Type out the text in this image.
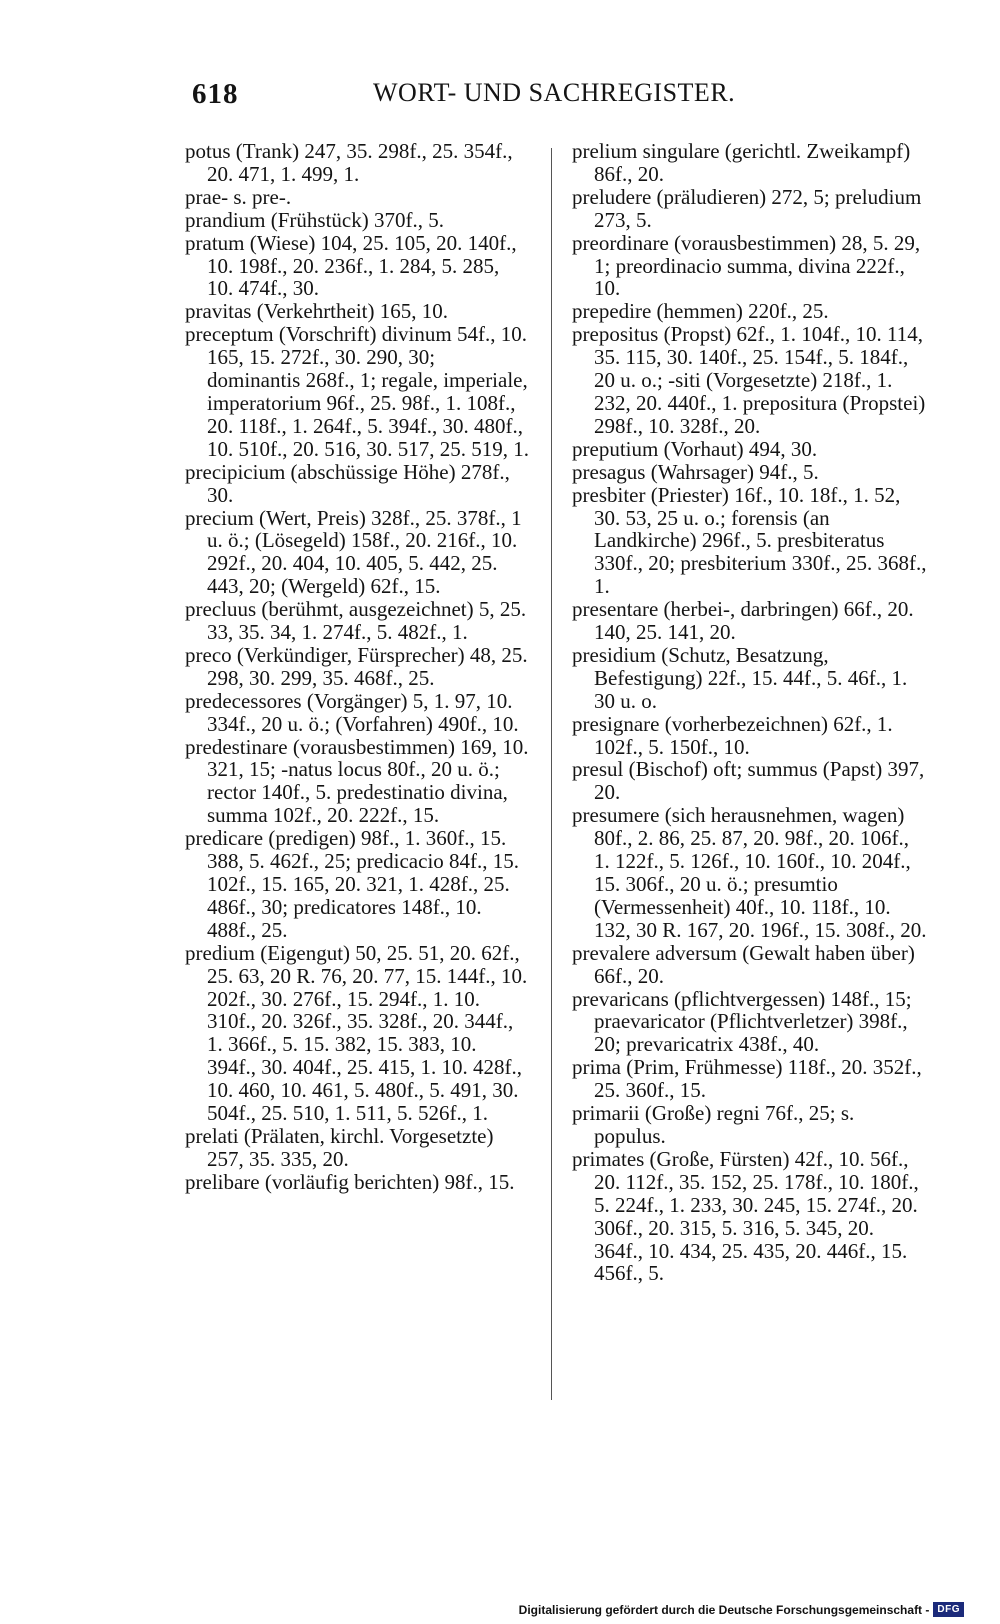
618	WORT- UND SACHREGISTER.

potus (Trank) 247, 35. 298f., 25. 354f., 20. 471, 1. 499, 1.

prae- s. pre-.

prandium (Frühstück) 370f., 5.

pratum (Wiese) 104, 25. 105, 20. 140f., 10. 198f., 20. 236f., 1. 284, 5. 285, 10. 474f., 30.

pravitas (Verkehrtheit) 165, 10.

preceptum (Vorschrift) divinum 54f., 10. 165, 15. 272f., 30. 290, 30; dominantis 268f., 1; regale, imperiale, imperatorium 96f., 25. 98f., 1. 108f., 20. 118f., 1. 264f., 5. 394f., 30. 480f., 10. 510f., 20. 516, 30. 517, 25. 519, 1.

precipicium (abschüssige Höhe) 278f., 30.

precium (Wert, Preis) 328f., 25. 378f., 1 u. ö.; (Lösegeld) 158f., 20. 216f., 10. 292f., 20. 404, 10. 405, 5. 442, 25. 443, 20; (Wergeld) 62f., 15.

precluus (berühmt, ausgezeichnet) 5, 25. 33, 35. 34, 1. 274f., 5. 482f., 1.

preco (Verkündiger, Fürsprecher) 48, 25. 298, 30. 299, 35. 468f., 25.

predecessores (Vorgänger) 5, 1. 97, 10. 334f., 20 u. ö.; (Vorfahren) 490f., 10.

predestinare (vorausbestimmen) 169, 10. 321, 15; -natus locus 80f., 20 u. ö.; rector 140f., 5. predestinatio divina, summa 102f., 20. 222f., 15.

predicare (predigen) 98f., 1. 360f., 15. 388, 5. 462f., 25; predicacio 84f., 15. 102f., 15. 165, 20. 321, 1. 428f., 25. 486f., 30; predicatores 148f., 10. 488f., 25.

predium (Eigengut) 50, 25. 51, 20. 62f., 25. 63, 20 R. 76, 20. 77, 15. 144f., 10. 202f., 30. 276f., 15. 294f., 1. 10. 310f., 20. 326f., 35. 328f., 20. 344f., 1. 366f., 5. 15. 382, 15. 383, 10. 394f., 30. 404f., 25. 415, 1. 10. 428f., 10. 460, 10. 461, 5. 480f., 5. 491, 30. 504f., 25. 510, 1. 511, 5. 526f., 1.

prelati (Prälaten, kirchl. Vorgesetzte) 257, 35. 335, 20.

prelibare (vorläufig berichten) 98f., 15.

prelium singulare (gerichtl. Zweikampf) 86f., 20.

preludere (präludieren) 272, 5; preludium 273, 5.

preordinare (vorausbestimmen) 28, 5. 29, 1; preordinacio summa, divina 222f., 10.

prepedire (hemmen) 220f., 25.

prepositus (Propst) 62f., 1. 104f., 10. 114, 35. 115, 30. 140f., 25. 154f., 5. 184f., 20 u. o.; -siti (Vorgesetzte) 218f., 1. 232, 20. 440f., 1. prepositura (Propstei) 298f., 10. 328f., 20.

preputium (Vorhaut) 494, 30.

presagus (Wahrsager) 94f., 5.

presbiter (Priester) 16f., 10. 18f., 1. 52, 30. 53, 25 u. o.; forensis (an Landkirche) 296f., 5. presbiteratus 330f., 20; presbiterium 330f., 25. 368f., 1.

presentare (herbei-, darbringen) 66f., 20. 140, 25. 141, 20.

presidium (Schutz, Besatzung, Befestigung) 22f., 15. 44f., 5. 46f., 1. 30 u. o.

presignare (vorherbezeichnen) 62f., 1. 102f., 5. 150f., 10.

presul (Bischof) oft; summus (Papst) 397, 20.

presumere (sich herausnehmen, wagen) 80f., 2. 86, 25. 87, 20. 98f., 20. 106f., 1. 122f., 5. 126f., 10. 160f., 10. 204f., 15. 306f., 20 u. ö.; presumtio (Vermessenheit) 40f., 10. 118f., 10. 132, 30 R. 167, 20. 196f., 15. 308f., 20.

prevalere adversum (Gewalt haben über) 66f., 20.

prevaricans (pflichtvergessen) 148f., 15; praevaricator (Pflichtverletzer) 398f., 20; prevaricatrix 438f., 40.

prima (Prim, Frühmesse) 118f., 20. 352f., 25. 360f., 15.

primarii (Große) regni 76f., 25; s. populus.

primates (Große, Fürsten) 42f., 10. 56f., 20. 112f., 35. 152, 25. 178f., 10. 180f., 5. 224f., 1. 233, 30. 245, 15. 274f., 20. 306f., 20. 315, 5. 316, 5. 345, 20. 364f., 10. 434, 25. 435, 20. 446f., 15. 456f., 5.

Digitalisierung gefördert durch die Deutsche Forschungsgemeinschaft - DFG
